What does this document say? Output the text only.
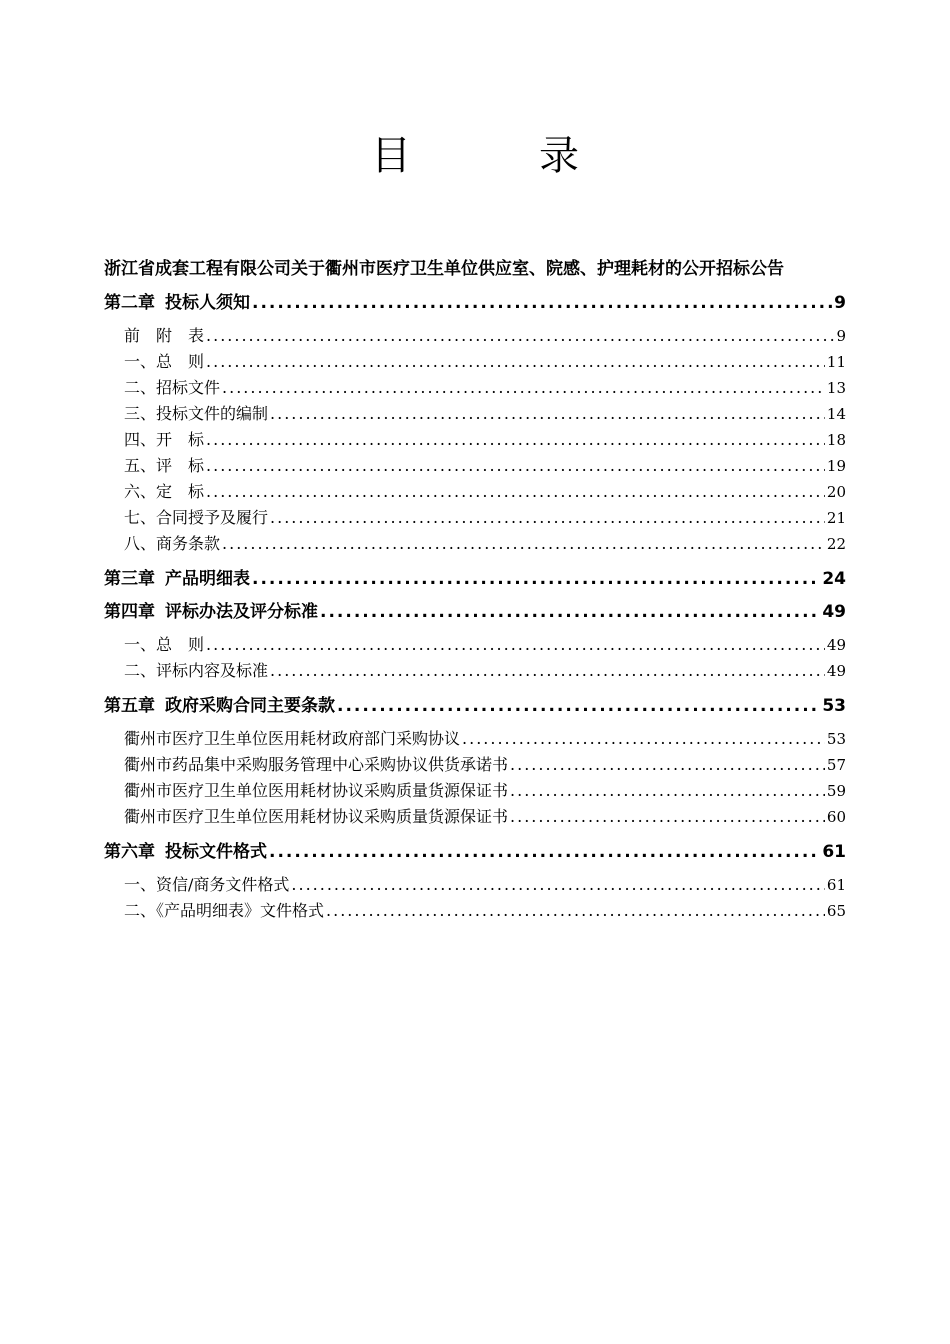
目　录
浙江省成套工程有限公司关于衢州市医疗卫生单位供应室、院感、护理耗材的公开招标公告
第二章 投标人须知 .....	9
前　附　表 .....	9
一、总　则 .....	11
二、招标文件 .....	13
三、投标文件的编制 .....	14
四、开　标 .....	18
五、评　标 .....	19
六、定　标 .....	20
七、合同授予及履行 .....	21
八、商务条款 .....	22
第三章 产品明细表 .....	24
第四章 评标办法及评分标准 .....	49
一、总　则 .....	49
二、评标内容及标准 .....	49
第五章 政府采购合同主要条款 .....	53
衢州市医疗卫生单位医用耗材政府部门采购协议 .....	53
衢州市药品集中采购服务管理中心采购协议供货承诺书 .....	57
衢州市医疗卫生单位医用耗材协议采购质量货源保证书 .....	59
衢州市医疗卫生单位医用耗材协议采购质量货源保证书 .....	60
第六章 投标文件格式 .....	61
一、资信/商务文件格式 .....	61
二、《产品明细表》文件格式 .....	65
